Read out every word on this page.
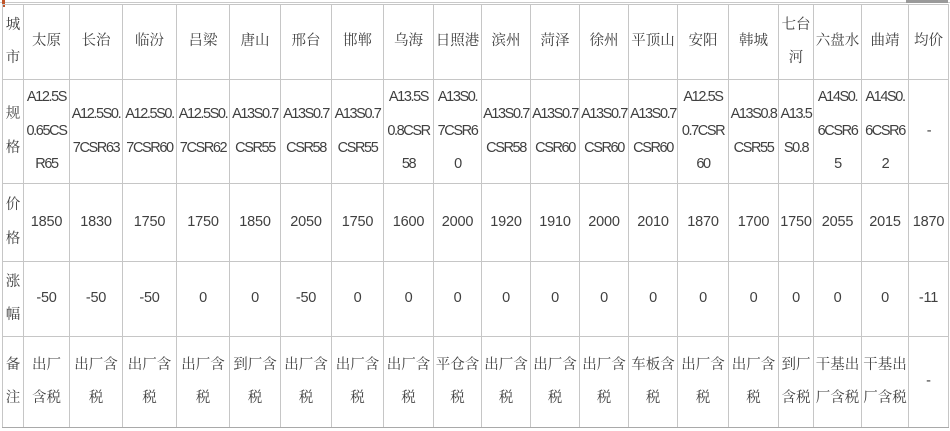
城市	太原	长治	临汾	吕梁	唐山	邢台	邯郸	乌海	日照港	滨州	菏泽	徐州	平顶山	安阳	韩城	七台河	六盘水	曲靖	均价
规格	A12.5S0.65CSR65	A12.5S0.7CSR63	A12.5S0.7CSR60	A12.5S0.7CSR62	A13S0.7CSR55	A13S0.7CSR58	A13S0.7CSR55	A13.5S0.8CSR58	A13S0.7CSR60	A13S0.7CSR58	A13S0.7CSR60	A13S0.7CSR60	A13S0.7CSR60	A12.5S0.7CSR60	A13S0.8CSR55	A13.5S0.8	A14S0.6CSR65	A14S0.6CSR62	-
价格	1850	1830	1750	1750	1850	2050	1750	1600	2000	1920	1910	2000	2010	1870	1700	1750	2055	2015	1870
涨幅	-50	-50	-50	0	0	-50	0	0	0	0	0	0	0	0	0	0	0	0	-11
备注	出厂含税	出厂含税	出厂含税	出厂含税	到厂含税	出厂含税	出厂含税	出厂含税	平仓含税	出厂含税	出厂含税	出厂含税	车板含税	出厂含税	出厂含税	到厂含税	干基出厂含税	干基出厂含税	-
